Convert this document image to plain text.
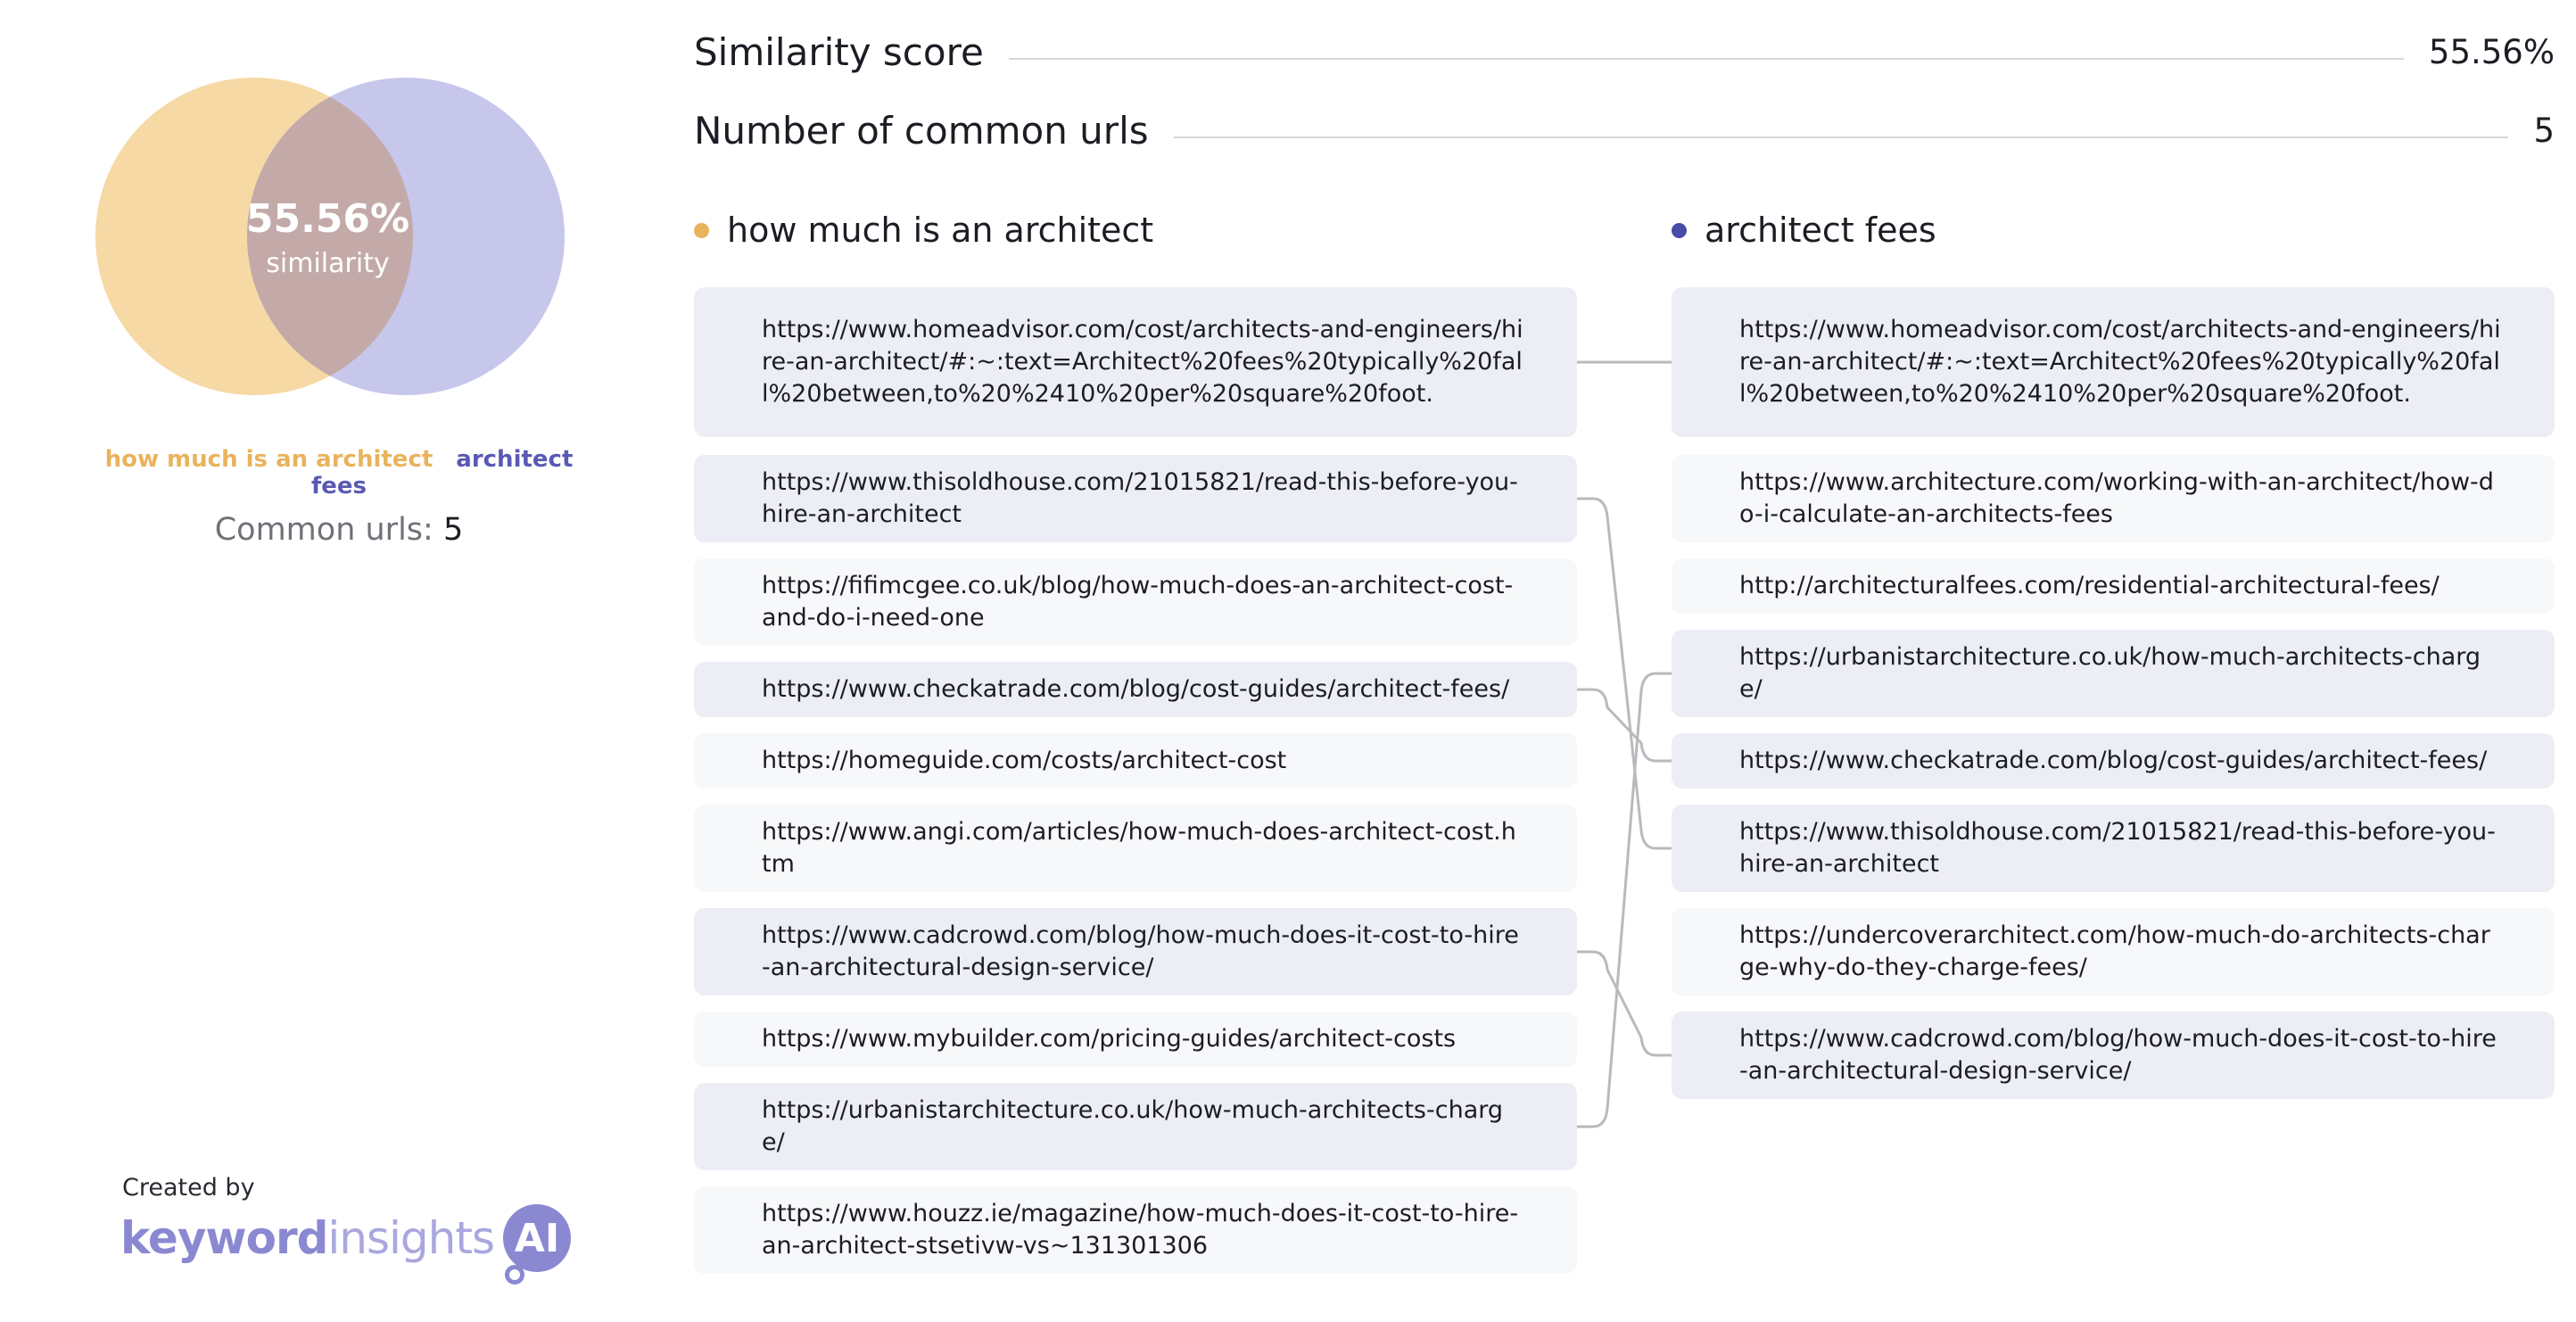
55.56%
similarity
how much is an architect architect fees
Common urls: 5
Created by
keyword insights AI
Similarity score	55.56%
Number of common urls	5
how much is an architect	architect fees
https://www.homeadvisor.com/cost/architects-and-engineers/hire-an-architect/#:~:text=Architect%20fees%20typically%20fall%20between,to%20%2410%20per%20square%20foot.
https://www.thisoldhouse.com/21015821/read-this-before-you-hire-an-architect
https://fifimcgee.co.uk/blog/how-much-does-an-architect-cost-and-do-i-need-one
https://www.checkatrade.com/blog/cost-guides/architect-fees/
https://homeguide.com/costs/architect-cost
https://www.angi.com/articles/how-much-does-architect-cost.htm
https://www.cadcrowd.com/blog/how-much-does-it-cost-to-hire-an-architectural-design-service/
https://www.mybuilder.com/pricing-guides/architect-costs
https://urbanistarchitecture.co.uk/how-much-architects-charge/
https://www.houzz.ie/magazine/how-much-does-it-cost-to-hire-an-architect-stsetivw-vs~131301306
https://www.homeadvisor.com/cost/architects-and-engineers/hire-an-architect/#:~:text=Architect%20fees%20typically%20fall%20between,to%20%2410%20per%20square%20foot.
https://www.architecture.com/working-with-an-architect/how-do-i-calculate-an-architects-fees
http://architecturalfees.com/residential-architectural-fees/
https://urbanistarchitecture.co.uk/how-much-architects-charge/
https://www.checkatrade.com/blog/cost-guides/architect-fees/
https://www.thisoldhouse.com/21015821/read-this-before-you-hire-an-architect
https://undercoverarchitect.com/how-much-do-architects-charge-why-do-they-charge-fees/
https://www.cadcrowd.com/blog/how-much-does-it-cost-to-hire-an-architectural-design-service/
